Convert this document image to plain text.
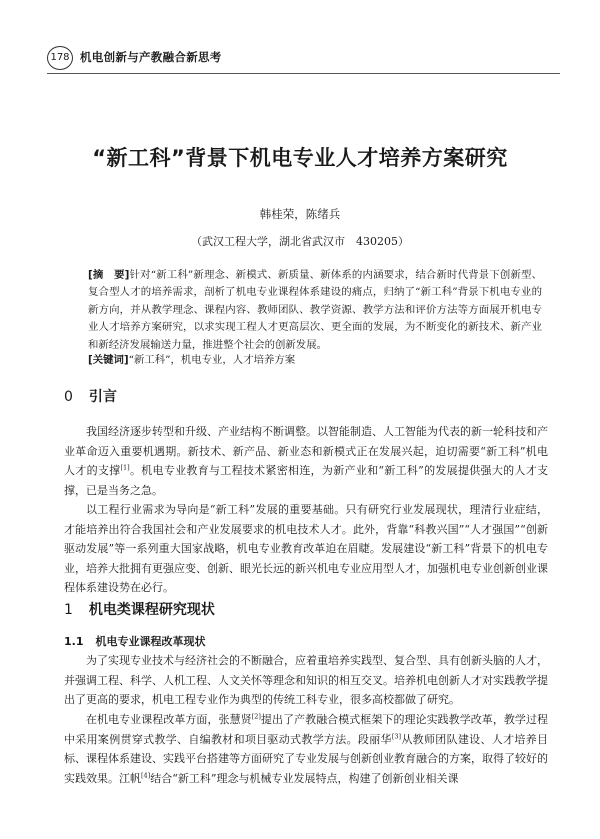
178 机电创新与产教融合新思考
“新工科”背景下机电专业人才培养方案研究
韩桂荣，陈绪兵
（武汉工程大学，湖北省武汉市　430205）
[摘　要]针对“新工科”新理念、新模式、新质量、新体系的内涵要求，结合新时代背景下创新型、复合型人才的培养需求，剖析了机电专业课程体系建设的痛点，归纳了“新工科”背景下机电专业的新方向，并从教学理念、课程内容、教师团队、教学资源、教学方法和评价方法等方面展开机电专业人才培养方案研究，以求实现工程人才更高层次、更全面的发展，为不断变化的新技术、新产业和新经济发展输送力量，推进整个社会的创新发展。
[关键词]“新工科”，机电专业，人才培养方案
0 引言
我国经济逐步转型和升级、产业结构不断调整。以智能制造、人工智能为代表的新一轮科技和产业革命迈入重要机遇期。新技术、新产品、新业态和新模式正在发展兴起，迫切需要“新工科”机电人才的支撑[1]。机电专业教育与工程技术紧密相连，为新产业和“新工科”的发展提供强大的人才支撑，已是当务之急。
以工程行业需求为导向是“新工科”发展的重要基础。只有研究行业发展现状，理清行业症结，才能培养出符合我国社会和产业发展要求的机电技术人才。此外，背靠“科教兴国”“人才强国”“创新驱动发展”等一系列重大国家战略，机电专业教育改革迫在眉睫。发展建设“新工科”背景下的机电专业，培养大批拥有更强应变、创新、眼光长远的新兴机电专业应用型人才，加强机电专业创新创业课程体系建设势在必行。
1 机电类课程研究现状
1.1 机电专业课程改革现状
为了实现专业技术与经济社会的不断融合，应着重培养实践型、复合型、具有创新头脑的人才，并强调工程、科学、人机工程、人文关怀等理念和知识的相互交叉。培养机电创新人才对实践教学提出了更高的要求，机电工程专业作为典型的传统工科专业，很多高校都做了研究。
在机电专业课程改革方面，张慧贤[2]提出了产教融合模式框架下的理论实践教学改革，教学过程中采用案例贯穿式教学、自编教材和项目驱动式教学方法。段丽华[3]从教师团队建设、人才培养目标、课程体系建设、实践平台搭建等方面研究了专业发展与创新创业教育融合的方案，取得了较好的实践效果。江帆[4]结合“新工科”理念与机械专业发展特点，构建了创新创业相关课
